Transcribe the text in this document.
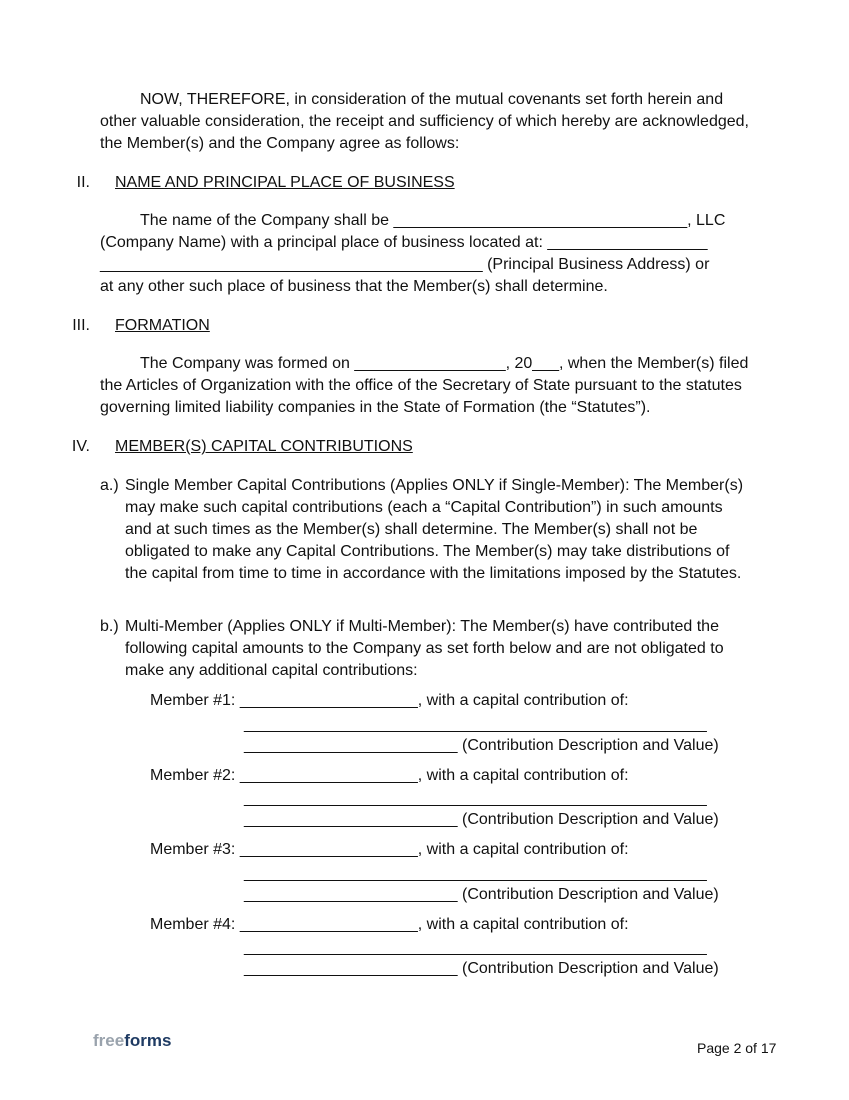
NOW, THEREFORE, in consideration of the mutual covenants set forth herein and other valuable consideration, the receipt and sufficiency of which hereby are acknowledged, the Member(s) and the Company agree as follows:

II. NAME AND PRINCIPAL PLACE OF BUSINESS
The name of the Company shall be _________________________________, LLC
(Company Name) with a principal place of business located at: __________________
___________________________________________ (Principal Business Address) or
at any other such place of business that the Member(s) shall determine.
III. FORMATION

The Company was formed on _________________, 20___, when the Member(s) filed the Articles of Organization with the office of the Secretary of State pursuant to the statutes governing limited liability companies in the State of Formation (the “Statutes”).

IV. MEMBER(S) CAPITAL CONTRIBUTIONS
a.) Single Member Capital Contributions (Applies ONLY if Single-Member): The Member(s) may make such capital contributions (each a “Capital Contribution”) in such amounts and at such times as the Member(s) shall determine. The Member(s) shall not be obligated to make any Capital Contributions. The Member(s) may take distributions of the capital from time to time in accordance with the limitations imposed by the Statutes.
b.) Multi-Member (Applies ONLY if Multi-Member): The Member(s) have contributed the following capital amounts to the Company as set forth below and are not obligated to make any additional capital contributions:
Member #1: ____________________, with a capital contribution of:
____________________________________________________
________________________ (Contribution Description and Value)
Member #2: ____________________, with a capital contribution of:
____________________________________________________
________________________ (Contribution Description and Value)
Member #3: ____________________, with a capital contribution of:
____________________________________________________
________________________ (Contribution Description and Value)
Member #4: ____________________, with a capital contribution of:
____________________________________________________
________________________ (Contribution Description and Value)
freeforms	Page 2 of 17
